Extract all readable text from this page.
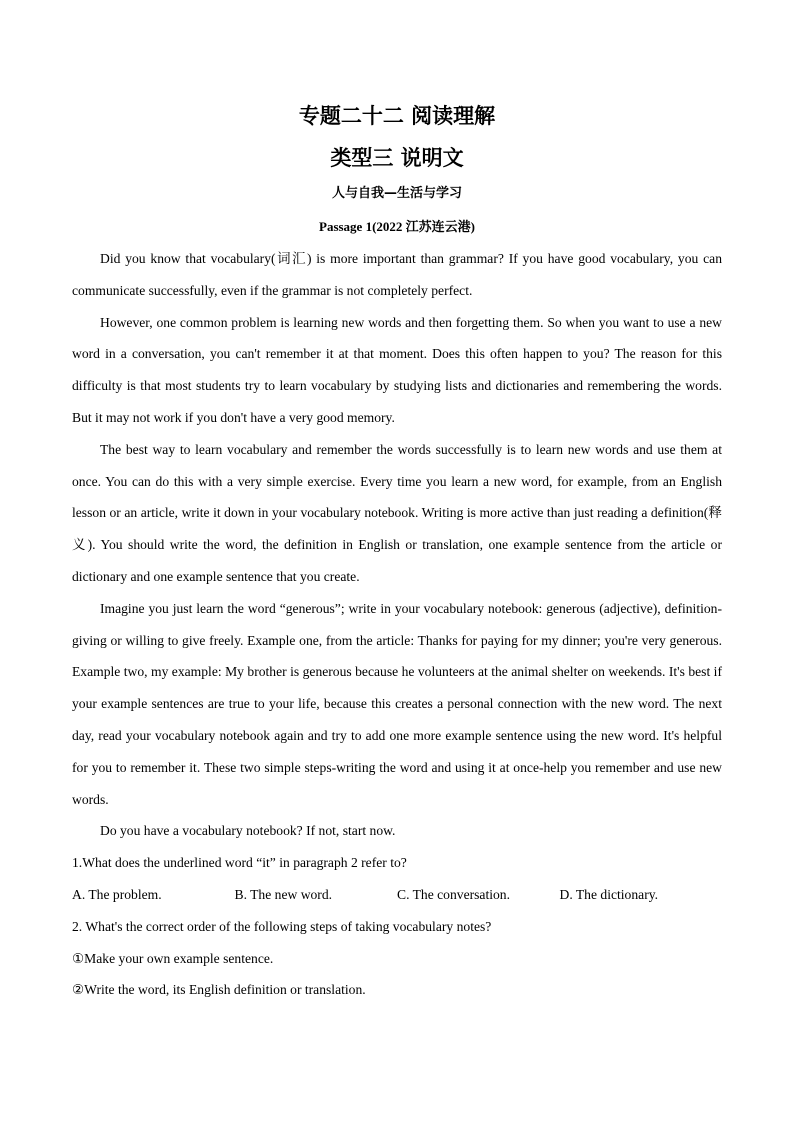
专题二十二 阅读理解
类型三 说明文
人与自我—生活与学习
Passage 1(2022 江苏连云港)

Did you know that vocabulary(词汇) is more important than grammar? If you have good vocabulary, you can communicate successfully, even if the grammar is not completely perfect.

However, one common problem is learning new words and then forgetting them. So when you want to use a new word in a conversation, you can't remember it at that moment. Does this often happen to you? The reason for this difficulty is that most students try to learn vocabulary by studying lists and dictionaries and remembering the words. But it may not work if you don't have a very good memory.

The best way to learn vocabulary and remember the words successfully is to learn new words and use them at once. You can do this with a very simple exercise. Every time you learn a new word, for example, from an English lesson or an article, write it down in your vocabulary notebook. Writing is more active than just reading a definition(释义). You should write the word, the definition in English or translation, one example sentence from the article or dictionary and one example sentence that you create.

Imagine you just learn the word “generous”; write in your vocabulary notebook: generous (adjective), definition-giving or willing to give freely. Example one, from the article: Thanks for paying for my dinner; you're very generous. Example two, my example: My brother is generous because he volunteers at the animal shelter on weekends. It's best if your example sentences are true to your life, because this creates a personal connection with the new word. The next day, read your vocabulary notebook again and try to add one more example sentence using the new word. It's helpful for you to remember it. These two simple steps-writing the word and using it at once-help you remember and use new words.

Do you have a vocabulary notebook? If not, start now.

1.What does the underlined word “it” in paragraph 2 refer to?

A. The problem.	B. The new word.	C. The conversation.	D. The dictionary.

2. What's the correct order of the following steps of taking vocabulary notes?

①Make your own example sentence.

②Write the word, its English definition or translation.
